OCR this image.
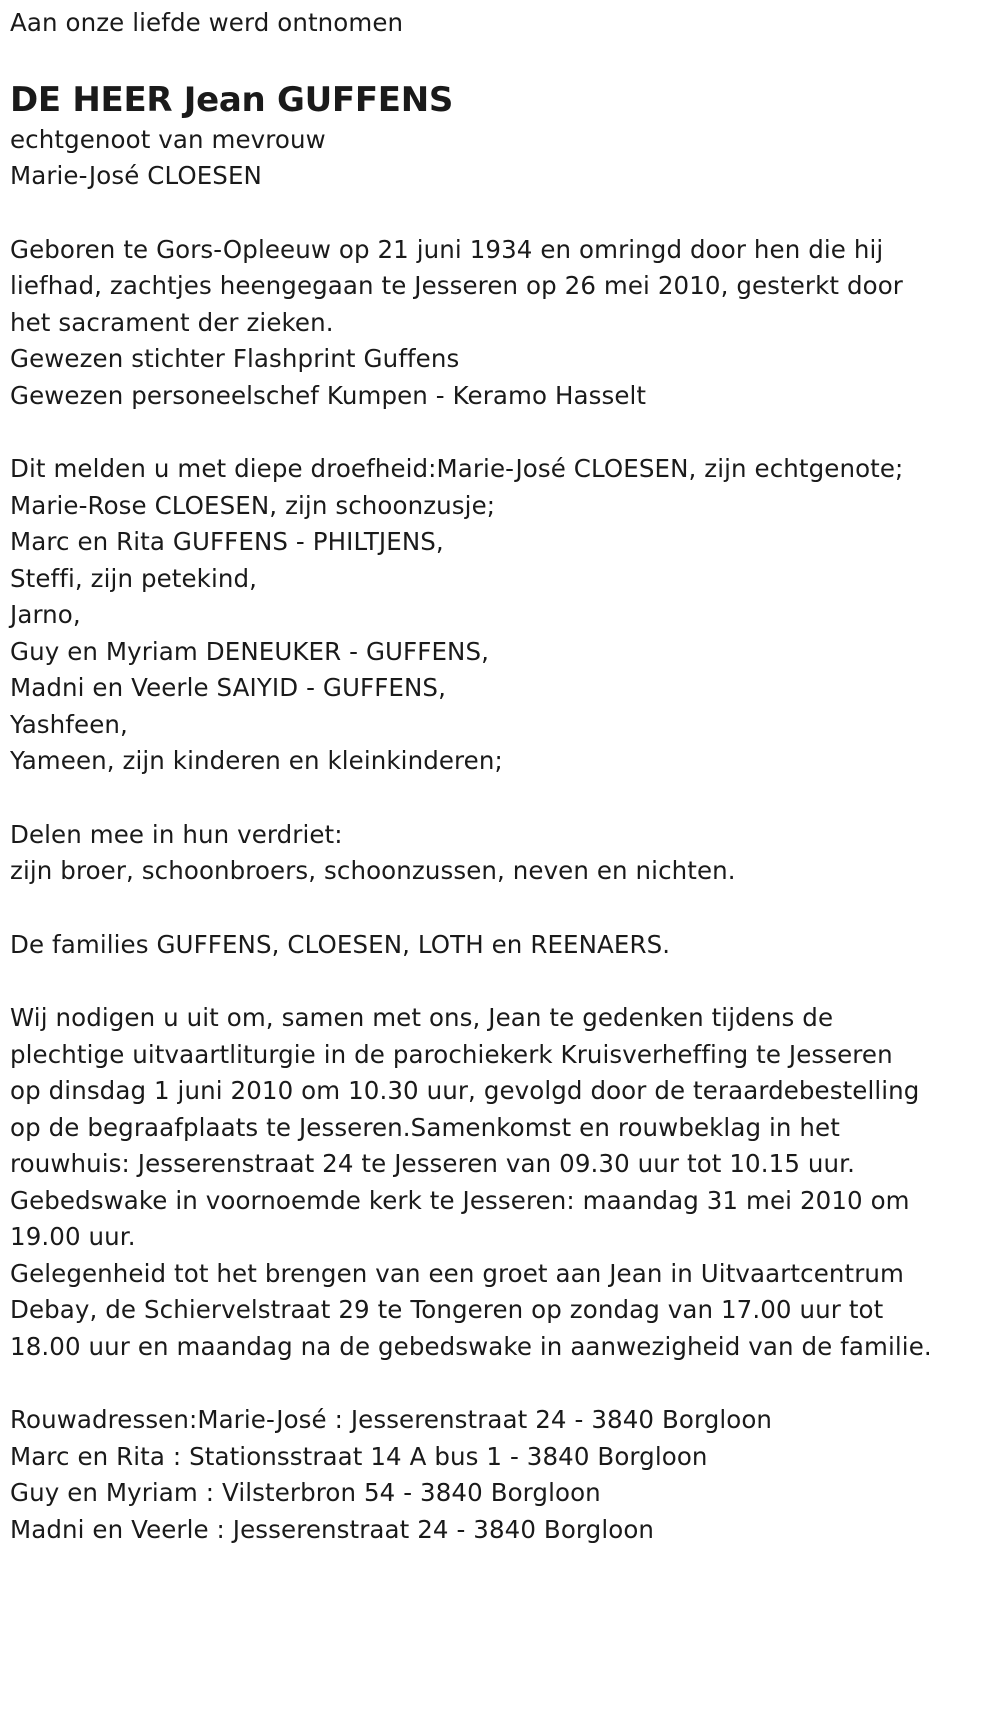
Aan onze liefde werd ontnomen
DE HEER Jean GUFFENS
echtgenoot van mevrouw
Marie-José CLOESEN
Geboren te Gors-Opleeuw op 21 juni 1934 en omringd door hen die hij
liefhad, zachtjes heengegaan te Jesseren op 26 mei 2010, gesterkt door
het sacrament der zieken.
Gewezen stichter Flashprint Guffens
Gewezen personeelschef Kumpen - Keramo Hasselt
Dit melden u met diepe droefheid:Marie-José CLOESEN, zijn echtgenote;
Marie-Rose CLOESEN, zijn schoonzusje;
Marc en Rita GUFFENS - PHILTJENS,
Steffi, zijn petekind,
Jarno,
Guy en Myriam DENEUKER - GUFFENS,
Madni en Veerle SAIYID - GUFFENS,
Yashfeen,
Yameen, zijn kinderen en kleinkinderen;
Delen mee in hun verdriet:
zijn broer, schoonbroers, schoonzussen, neven en nichten.
De families GUFFENS, CLOESEN, LOTH en REENAERS.
Wij nodigen u uit om, samen met ons, Jean te gedenken tijdens de
plechtige uitvaartliturgie in de parochiekerk Kruisverheffing te Jesseren
op dinsdag 1 juni 2010 om 10.30 uur, gevolgd door de teraardebestelling
op de begraafplaats te Jesseren.Samenkomst en rouwbeklag in het
rouwhuis: Jesserenstraat 24 te Jesseren van 09.30 uur tot 10.15 uur.
Gebedswake in voornoemde kerk te Jesseren: maandag 31 mei 2010 om
19.00 uur.
Gelegenheid tot het brengen van een groet aan Jean in Uitvaartcentrum
Debay, de Schiervelstraat 29 te Tongeren op zondag van 17.00 uur tot
18.00 uur en maandag na de gebedswake in aanwezigheid van de familie.
Rouwadressen:Marie-José : Jesserenstraat 24 - 3840 Borgloon
Marc en Rita : Stationsstraat 14 A bus 1 - 3840 Borgloon
Guy en Myriam : Vilsterbron 54 - 3840 Borgloon
Madni en Veerle : Jesserenstraat 24 - 3840 Borgloon
